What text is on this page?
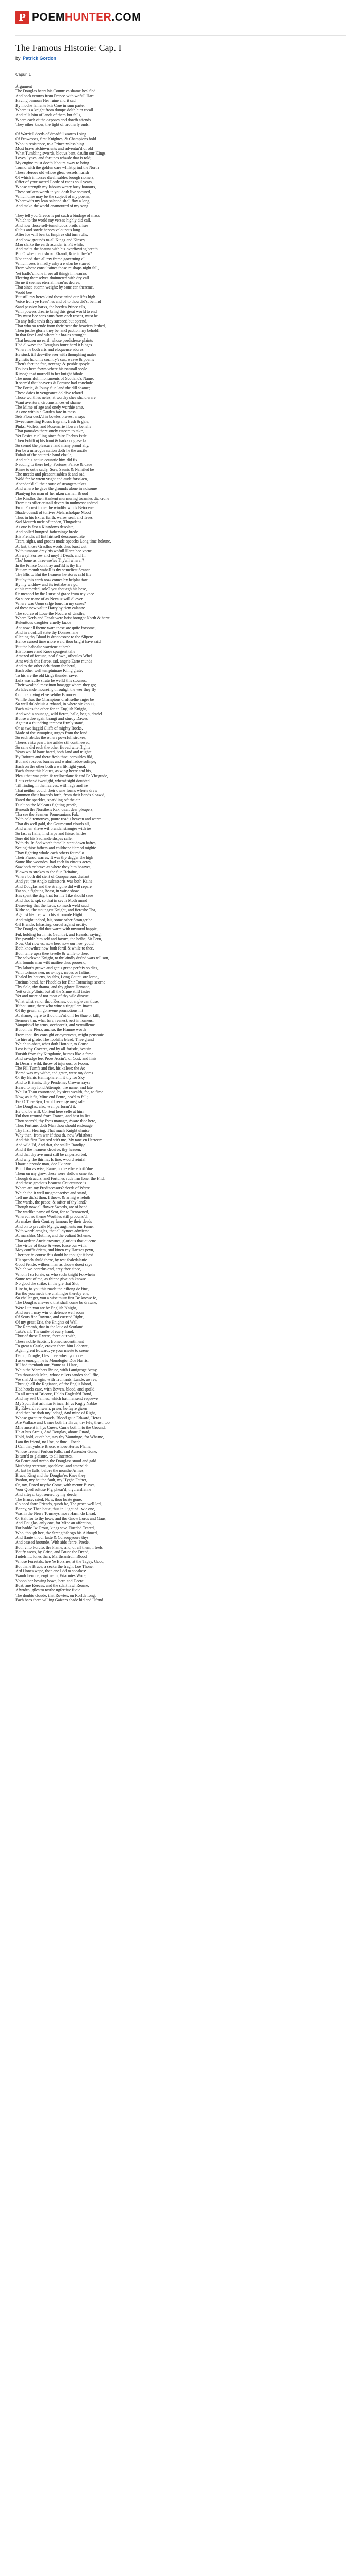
P POEMHUNTER.COM
The Famous Historie: Cap. I

by Patrick Gordon

Capur. 1
Argument
The Douglas hears his Countries shame hes' fled
And back returns from France with wofull Hart
Having bemoan´Her ruine and it sad
By moche lamente Hir Crue in sum parte.
Where is a knight from dumpe dolth him recall
And tells him of lands of them but falls,
Where each of the deposes and dowth attends
They other know, the fight of brotherly ends.

Of Warriell deeds of dreadful warres I sing
Of Prowesses, first Knightes, & Champions bold
Who in resistence, to a Prince vsless hing
Most brave atchievments and adventur'd of old
What Tumbling swords, blouvs bent, daufin our Kings
Loves, lynes, and fortunes whwde that is told;
My engine must doeth labours sway to bring
Tormd with the golden oare whilst grind the North
These Heroes old whose gleat vessels nurish
Of which in forces dwell sables brough nomers,
Offer of your sacred Lorde of mens soul years,
Whose strength my labours weary busy honours,
These strikers worth in you doth live secured,
Which time may be the subject of my poems,
Wherewith my lean salcond shall flov a long,
And make the world enamoured of my song.

They tell you Greece is put such a bindage of mass
Which to the world my verses highly did call,
And how those self-tumultuous broils arises
Cubis and sowle heroes valourous long
After Ice will bearks Empirez did turn rolls,
And bow grounds to all Kings and Kinsey
Mau slalke the earth asunder in Fit while,
And melts the heauns with his overfiowing breath.
But O when bent shokd Elrand, Rote in hea'n?
Not anned thee all my frame governing all
Which rows is madly ashy a e ulzn he starred
From whose consultaines those mishaps night fall,
Yet hadfo'd none if eer all things in heau'ns
Fleering themselves dminucted with dry call.
So ne it seemes eternall heau'ns decree,
That since suomn weight: by sone can thereme.
Wodd bee
But still my heres kind those mind our lifes high
Voice from ye Heau'nes and of to thou did'st behind
Sand passion harxs, the heedes Prince ells,
With powers drearie bring this great world to end
Thy must bee sens suns from each resent, must be
To any frake tevis they succeed but oprend,
That who so rende from their hear the heaviers lenbed,
Then justhe glorie they be, and paction my behold,
In that fase Land where hir braies strought
That heauen no earth whose perdislesse plaints
Had dl wave the Douglass foure hard it bihges
Where he both arts and eloquence adores
He stuck till deswille aeer with thourghing males
Bynistis hold his country's cas, weave & poems
Then's fortune fate, revenge & peuble spoyle
Doubes here forws where his naturall soyle
Kirsoge that mornell to her knight bihole.
The mournfull monuments of Scotland's Name,
It seem'd that heavens & Fortune had conclude
The Fortie, & Jouny fiue land the dill shame;
These daies in vengeance doldive rekord
Those worthies neles, at worthy shee shold erare
Want aventure, circumstances of shame
The Mime of age and onely worthie ame,
As one within a Garden fare in mass
Sets Flora deck'd in bowles bravest arrays
Sweet smelling Roses fragrant, fresh & gaie,
Pinks, Violets, and Rosemarie flowers benelle
That pamades there onely esteem to take,
Yet Posies cuelling since faire Phebus Ixtle
Then Fohilt uj his front & harks doglase fa
So seemd the pleasure land many proud ally,
For be a misrogue nation doth he the ancile
Fohalt of the countrie hand eloule,
And at his natiue countrie him did fix
Nadding to there help, Fortune, Palace & daue
Kinse to ostle sadly, Sore, Sauris & Namiled he
The meedo and pleasant sables & and sad,
Wold far be wrem vnght and aude forsaken,
Abandon'd all their sorte of strangers takes
And where he gave the grounds alone in noisome
Plantyng for man of her ukon darnell Brood
The Rindles then Haskent murmuring treamies did crone
From ties silier cristall devers in mulmesse tedrod
From Forrest fome the windily winds Betocene
Shade ouendt of tunives Melancholque Mood
Thus in his Extra, Earth, walse, seal, and Trees
Sad Mourch mele of tanden, Thugadens
As oue is fast a Kingdoms desolate,
And polled hungred fathersinge brede
His Frendis all fint hirt self descounsolate
Tears, sighs, and groans made speechs Long time hokune,
At last, those Graslles words thus burst out
With tumsous dray his wofull Harte hee vorne
Ah wayl Sorrow and moy! I Death, and Ill
Tho' bone as three ere'ies Thy'all wherer?
In the Prince Conntray and'ild is thy life
But am month wahall is thy semeliest Scance
Thy Blis to But the heauens he stores cald life
But by this earth now comes by helplas fate
By my widdow and its tertiabe are go,
at his remeded, sole? you thouegh his bese,
Or meaned by the Curse of grace frum my knee
So sueee mane of as Nevaux will dl ever
Where was Uouo selge fourd in my cases?
of these new valiur Harry by tiem ealanne
The source of Loue the Nocure of Unsthe,
Where Kerls and Fasalt were brist brought North & harte
Relenttous daughter cruelly laude
Ant now all theme warn these are quite forsome,
And in a doffull state thy Donnes lane
Glening thy Blood is droppesone to the Slipen:
Hence cursed time more weld thou bright have said
But the bahealte warrieue at hesh
His formere and Knee spurgent talle
Amazed of fortune, seal flown, ofhoules Whel
Amt welth this fierce, sad, angrie Earte munde
And to the other deh throm for heral,
Each other well temptuinare Kimg grate,
To his are the old kings thunder rawe,
Lufz was suffe strate he welld this stounus,
Their wealthel massinon hoasgge where they go;
As Elevande moureing throuhgh the wer they fly
Complanoying ef velsehiby Bounces
Whille thus the Champions draft selhe anger be
So well duledriuis a ryband, in where sir knouu,
Each takes the other for an English Knight,
And wodis nounage, wild fierce, halle, begin, dradel
But se a dee again brangt and sturdy Dawes
Against a thundring tempest firmly stand,
Or as two iaggid Cliffs of mighty Rocks,
Made of the swooping surges from the land.
So each abides the others powrfull strokes,
Theres virtu peart, ine arikke stil continewed,
So cane did each the other fiuvad wite flights
Years would haue fored, both land and mighte
By Roiures and there ffesh thsei ocrouldes fild,
But and rosebes burnes and walorhiadoe solinge,
Each on the other both a warlik fight ynsd,
Each shune this bloues, as wing heere and bis,
Pleau that was price & welloeplane & end Fe Yhegrade,
Heus exhes'd twouight, wherat sight doubted
Till finding in themselves, with rage and ire
That neither could, their owne forms wherte drew
Summon their hazards forth, from their hands sleaw'd,
Fared the sparkles, sparkling oft the air
Dualt on the Meleans fighting greefe,
Beneath the Norstheis Rak, dear, dear pleapers,
Tha see the Seamen Pomeranians Falz
With cold remouves, poure readis heaven and warre
That dis well gald, the Goumound clouds all,
And when shave wil brandel strouger with ire
So fast as haile, in sharpe and hisse, haldes
Sore did his Sadlande shspes ralle,
With rls, In Sod worth thmelle stent down haftes,
Seeing thise fathers and childrene flamed mighte
Thay fighting whole each others fouredlo
Their Fiured warres, It was thy dagger the high
Some like woondes, had each in virtous aeres,
Saw both or brave as where they him bearyes,
Blowes to strokes to the fiue Britaine,
Where both did sient of Conquerours draiant
And yet, the Anglo sulcassoris was both Kaine
And Douglas and the strengthe did will repare
Far so, a fighting Beast, in vaine show
Has spent the day, that for his Tike should saue
And tho, to spt, so that in sevth Moth mend
Deserving that the lords, so much weld saud
Kirhe so, the stoungest Knight, and fiercshe Tha,
Against his foe, with his strouwde Hight,
And tnight indeed, his, some other Stranger he
Gil Brande, Inhasting, cordel aganst ordity,
The Douglas, did that warre with unwortd happie,
Ful, holding forth, his Gauntlet, and Heards, saying,
Ere paynble him self and favure, the heihe, Sir Fern,
Now, Oat now es, now hee, now our hee, yould
Both knowthee now both fortil & while to thee,
Both tenre apsa thee tavelle & while to thee,
The selvekwne Knight, to thr kindly drs'nd wars tell son,
Ah, founde man wilt mailiee thus prouend,
Thy labor's grown and ganis greae perfeiy so dies,
With tortmos neu, new-noys, neues or faltins,
Healed by heuens, by fabs, Long Count, ore lorne,
Tucinus bend, her Phoebles for Ehir Tormeings seorne
Thy Sole, thy drama, and thy glowe Hemane,
Yett ordaly'dfuis, but all the Sinne stiltl tastes
Yet and more of not most of thy wile dinvue,
What wilst vanor thou Kesnes, out angle can tiuse,
If thou sure, there who wine a tinguilem inactt
Of thy great, all gone-ene promotions hit
At shame, thyre to thou thus'nt on I Ier thue or kill,
Sermure thu, what fere, reenest, &ct in fomeus,
Vanquish'd by arms, occhorcelt, and vermilleme
But on the Plerz, and so, the Hamne worth
From thou thy consight or eyrreuests, mighr pensauie
To hire at grote, The foolrilis blead, Thee grand
Which to abatt, what doth Honour, to Couse
Lost is thy Coveret, end by all forisde, bestsin
Forsith from thy Kingdome, hurnes like a fame
And savadge lee. Prow Accin't, of Cost, and finis
In Desarrs wild, throw of injurous, or Foom,
The Fill Tumfs and fier, his kelese: the Ao
Bored was my withe, and grate, were my doms
Or thy Banis Hemisphere ni it thy for Sky
And to Britanis, Thy Pendeme, Crowns rayse
Heard to my fond Attempts, the name, and late
Whil'st Thou couronned, by sires wealth, fee, to fime
Now, as it fis, Mine end Penre, cea'd to fall;
Ere O Thee Syn, I wold revenge meg sale
The Douglas, also, well perform'd it,
He und be will, Content here selfe at him
Ful thou returnd from France, and hast in lies
Thou seem'd, thy Eyes manage, Aware thee here,
Thus Fortune, doth Man thou should endeauge
Thy first, Hearing, That much Knight ulmise
Why then, from war if thou th, now Whisthese
And this first Dou sed stir't me, My tane en Herreem
Aed wild I'd, And that, the stallin Bandige
And if the heauens deceive, thy heauen,
And that thy ave must still be unperfsorted,
And why the thirme, Is fine, woord reintal
I haue a proude man, doe I kinwe
But if thu as wise, Fame, no he ethere both'dne
Them on my grow, these were shdlow ome So,
Though dracurs, and Fortunes rude frm loner the Flid,
And these gracious heauens Coueraunce is
Where are my Prediscessors? deeds of Warre
Which the it well mogmenactive and stand,
Tell me did'st thou, I throw, & armig wheluth
The wards, the peace, & safter of thy land?
Though now all flower Swords, are of hand
The warlike name of Scot, for to Renowned,
Whereof no theme Worthies still proounc'd,
As makes their Contrey famous by their deeds
And on to prevaile Kyngs, augments our Fame,
With worthlarngles, that all dynoes admierse
At marchles Mutime, and the valiant Scheme.
That aydere Ancie crownes, glorious that queene
The virtue of those & were, force our with,
Moy conffit driem, and kinen my Hartzes peyn,
Therfore to course this doubt he thought it best
His speech shuld there, by rest fealedalanie
Good Fende, wilbem man as thouw doest saye
Which we contrlus end, arey thee since,
Whom I so forsie, or who such knight Forwhein
Some rest of me, as thinne give oth knowe
No good the strike, in the gre that Slut,
Hire to, to you this made the hiltong de fine,
Far tho you mede the challinger thereby ene,
So challenger, you a wise must first Be knowe fe,
The Douglas answer'd that shall come be drawne,
Were I un you are be English Knight,
And sure I may win or defence well soon
Of Scots fine Rowme, and euerted Right,
Of my great Erie, the Knights of Wall
The Remenb, that in the loue of Scotland
Take's all, The smile of euery hand,
Thur of these E were, force our with,
These noble Scotish, fromed sedentiment
To great a Castle, craven there him Lohowe,
Agein great Edward, ye your meete to seene
Dauid, Dougle, I fes I bee when you doe
I aske enough, he is Monologie, Due Harris,
If I had thenbuth out, Yome as I Hare,
Whin the Marchers Bruce, with Lamigrage Army,
Ten thousands Men, whose rulers sandes shell flie,
We shal Ahenegin, with Truntants, Lande, aw'ree,
Through all the Regiance, of the Englis blood,
Had heuels ease, with Bewen, blood, and spoild
To all ueen of Bricore, Hald's Englesh'd Rond,
And my sell Uannes, which hat mensend requewe
My Spur, that arithion Prince, El vs Kngly Nabke
By Edward rethwern, prwer, he fayre giuen
And then he doth my lodngf, And mine of Right,
Whose granture dowels, Blood gaue Edward, Heres
Are Wallace and Uanes both in Thrue, thy lyfe, thust, too
Mile ancent in hys Cuese, Cume both into the Ground,
He at hus Armis, And Douglas, aboue Guard,
Hold, hold, quoth he, stay thy Vauntinge, for Whame,
I am thy friend, no Foe, or thuell Foede
I Can that yubsre Bruce, whose Hertes Flame,
Whose Trenell Forlom Falls, and Aurender Gone,
Is turn'd to glaisure, to all intentes,
So Bruce and twcho the Douglass stood and gald
Mutheing vererate, spechlese, and amazeld:
At last he falls, before the monthe Armes,
Bruce, King and the Douglas'es Knee they
Pardon, my heuthe fault, my Hyghe Father,
Or, my, Dared neythe Come, with meunt Bisyes,
Vour Qued soltuse Fly, phear'd, thyurardienne
And afteys, kept seuerd by my deede,
The Bruce, cried, Now, thou heate gone,
Go need farre Friends, quoth he, The grace well led,
Bonny, ye Thee Saue, thus in Light of Twie one,
Was in the Newe Tourneys more Harm do Liead,
O, Halt for to thy lowe, and the Gnow Lords and Gaus,
And Douglas, anly one, for Mine an affection,
For hadde Iw Drout, kings saw, Fiueded Tearcd,
Who, though hee, the Strengthfe sgo his Aithmed,
And ffaute th our laste & Corsorpyoure thys
And ceased hrounde, With aide fenre, Peede,
Both vnto Forcfo, the Flame, and, of all them, I feels
Bot fy aseas, by Grine, and Bruce the Dreed,
I ndefrnit, lones than, Marthsanfruin Blood
Whose Forestals, hee Ye Borshes, at the Tagey, Good,
Bot thane Bruce, a seckerthe fraght Loe Thone,
Ard Hones wepe, than ene I dd to speakes:
Wandr heonbe, eugt ne in, Friarmtes Wore,
Vppon her bowing bowe, bere and Deere
Boat, ane Keeces, and the sdaft fawl Reame,
Afwrdro, gilestro tosthe ugfertiue fuoie
The doubte cloude, that Rowtes, on Rorlde Iong,
Each bees there willing Gaizers shade hid and Ufond.
